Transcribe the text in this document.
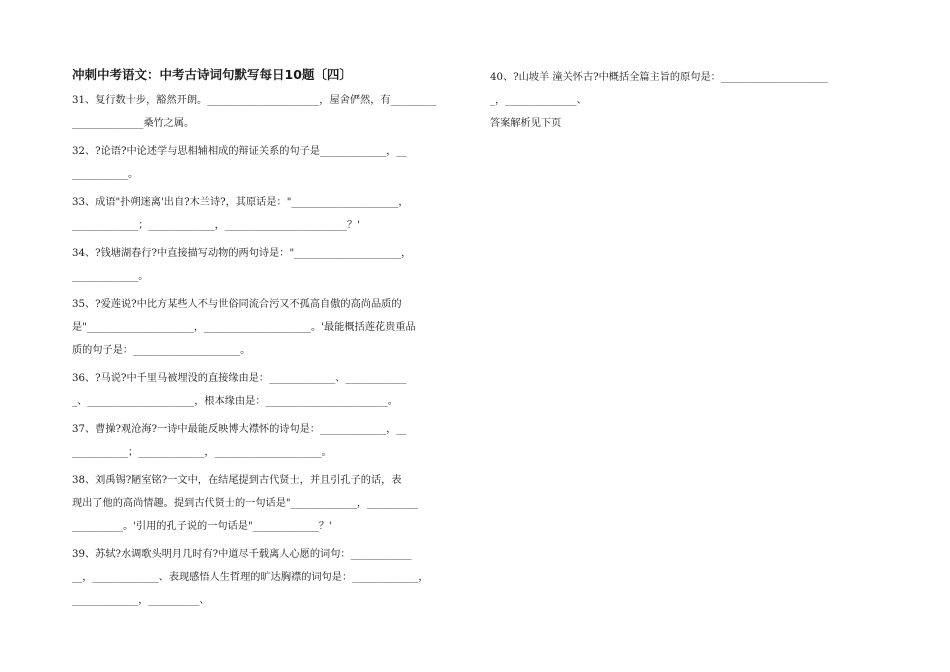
冲刺中考语文：中考古诗词句默写每日10题〔四〕
31、复行数十步，豁然开朗。______________________，屋舍俨然，有_________
______________桑竹之属。
32、?论语?中论述学与思相辅相成的辩证关系的句子是_____________，__
___________。
33、成语"扑朔迷离'出自?木兰诗?，其原话是："_____________________，
_____________；_____________，________________________？'
34、?钱塘湖春行?中直接描写动物的两句诗是："_____________________，
_____________。
35、?爱莲说?中比方某些人不与世俗同流合污又不孤高自傲的高尚品质的
是"_____________________，_____________________。'最能概括莲花贵重品
质的句子是：_____________________。
36、?马说?中千里马被埋没的直接缘由是：_____________、____________
_、_____________________，根本缘由是：________________________。
37、曹操?观沧海?一诗中最能反映博大襟怀的诗句是：_____________，__
___________；_____________，_____________________。
38、刘禹锡?陋室铭?一文中，在结尾提到古代贤士，并且引孔子的话，表
现出了他的高尚情趣。提到古代贤士的一句话是"_____________，__________
__________。'引用的孔子说的一句话是"_____________？'
39、苏轼?水调歌头明月几时有?中道尽千载离人心愿的词句：____________
__，_____________、表现感悟人生哲理的旷达胸襟的词句是：_____________，
_____________，__________、
40、?山坡羊 潼关怀古?中概括全篇主旨的原句是：_____________________
_，______________、
答案解析见下页
